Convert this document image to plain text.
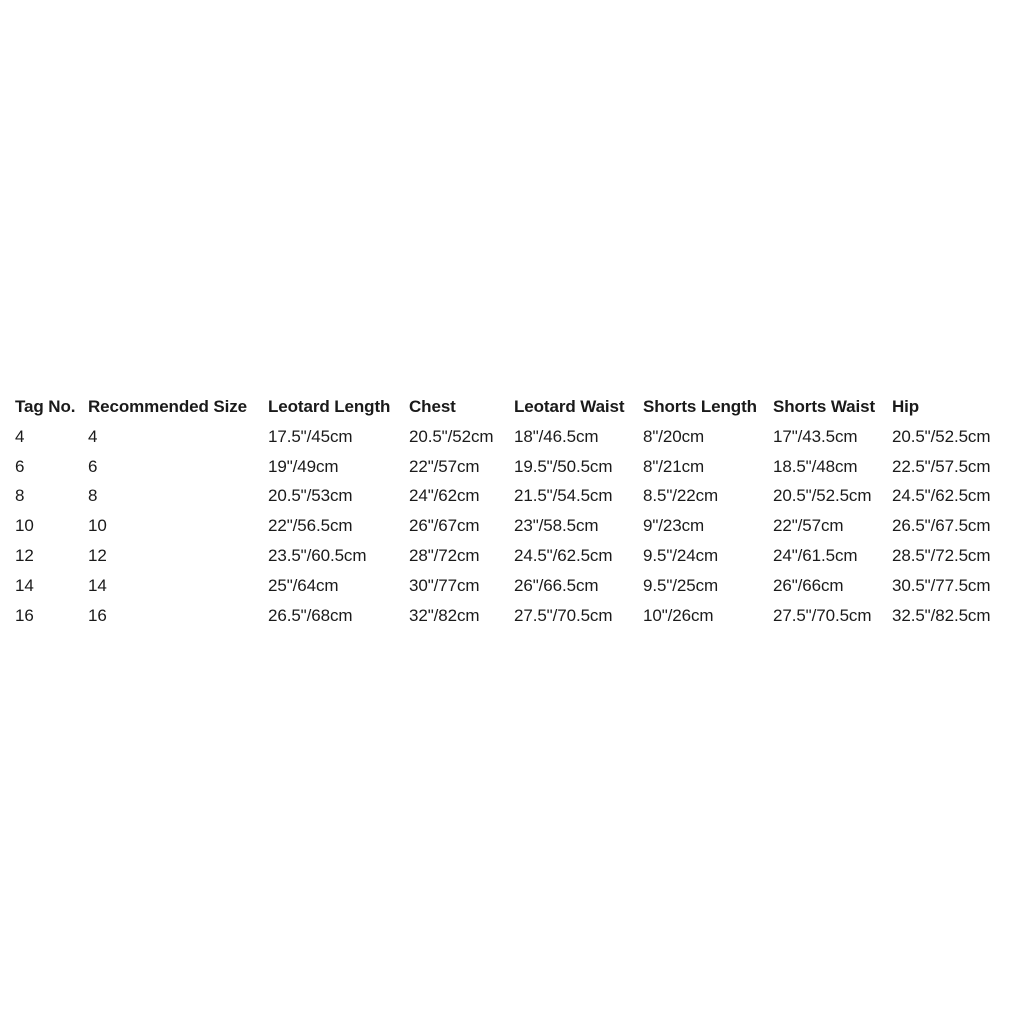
Tag No.	Recommended Size	Leotard Length	Chest	Leotard Waist	Shorts Length	Shorts Waist	Hip
4	4	17.5"/45cm	20.5"/52cm	18"/46.5cm	8"/20cm	17"/43.5cm	20.5"/52.5cm
6	6	19"/49cm	22"/57cm	19.5"/50.5cm	8"/21cm	18.5"/48cm	22.5"/57.5cm
8	8	20.5"/53cm	24"/62cm	21.5"/54.5cm	8.5"/22cm	20.5"/52.5cm	24.5"/62.5cm
10	10	22"/56.5cm	26"/67cm	23"/58.5cm	9"/23cm	22"/57cm	26.5"/67.5cm
12	12	23.5"/60.5cm	28"/72cm	24.5"/62.5cm	9.5"/24cm	24"/61.5cm	28.5"/72.5cm
14	14	25"/64cm	30"/77cm	26"/66.5cm	9.5"/25cm	26"/66cm	30.5"/77.5cm
16	16	26.5"/68cm	32"/82cm	27.5"/70.5cm	10"/26cm	27.5"/70.5cm	32.5"/82.5cm
